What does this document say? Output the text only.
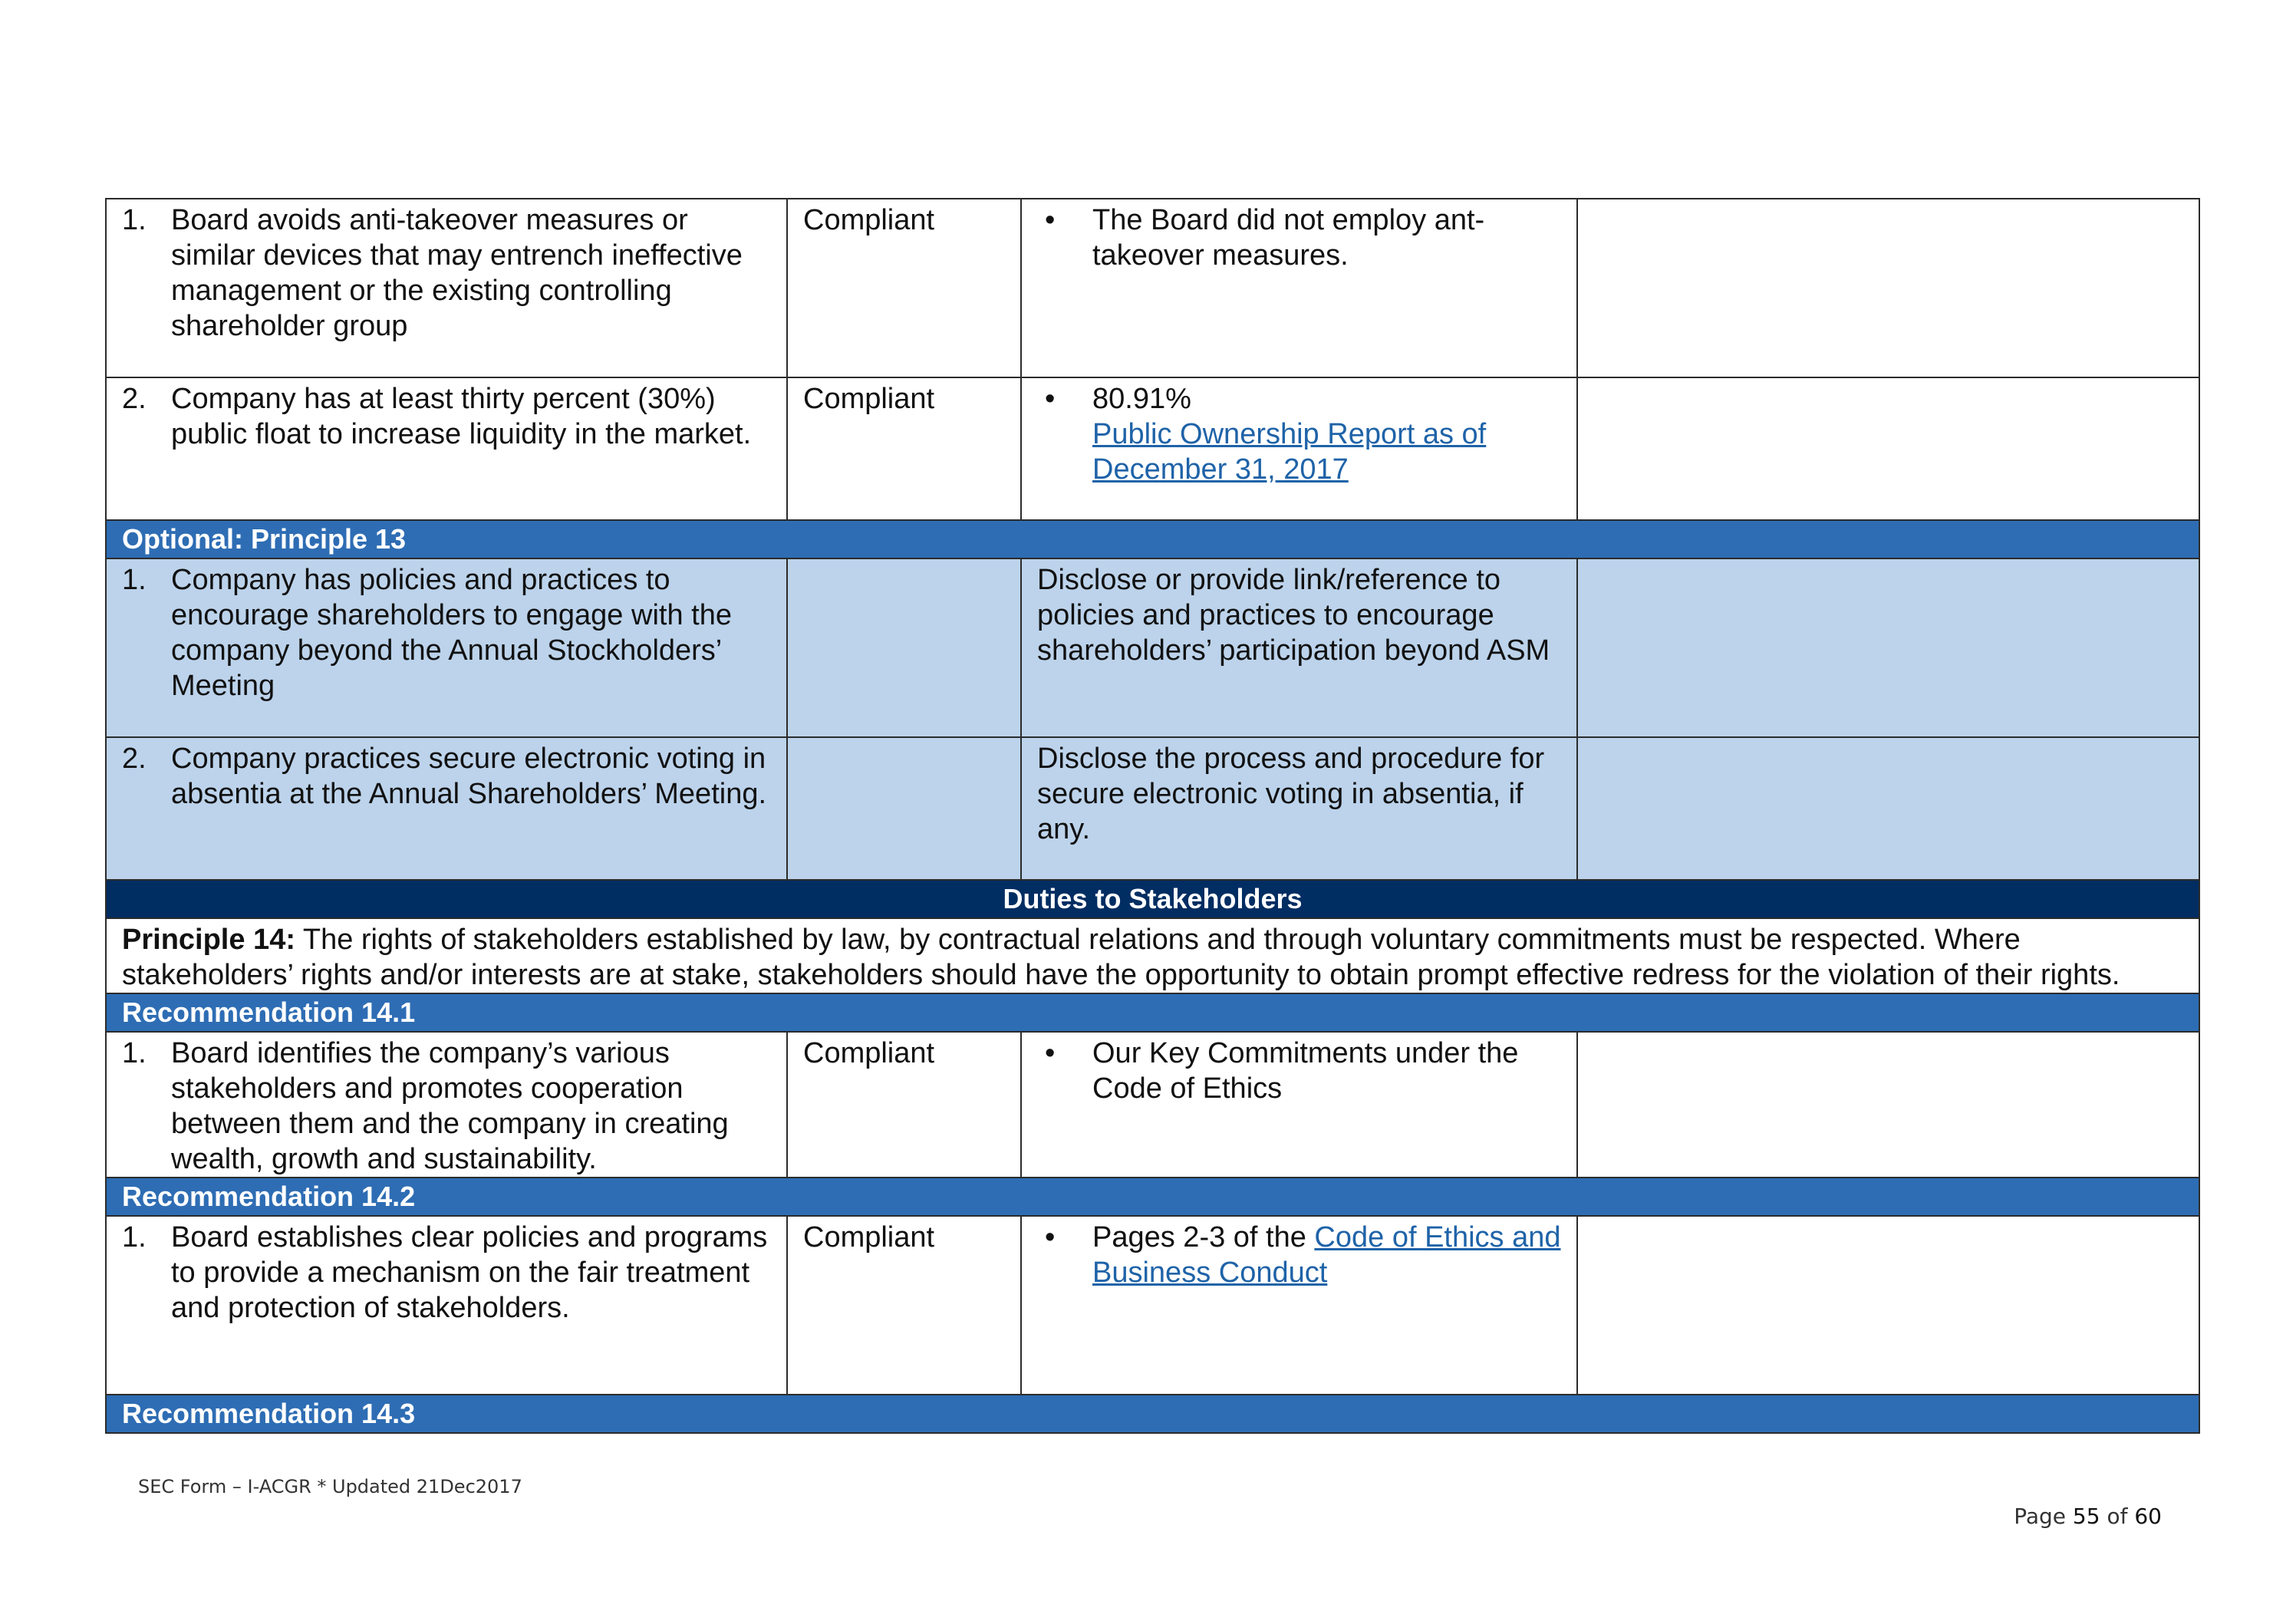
1. Board avoids anti-takeover measures or similar devices that may entrench ineffective management or the existing controlling shareholder group	Compliant	• The Board did not employ ant-takeover measures.	

2. Company has at least thirty percent (30%) public float to increase liquidity in the market.	Compliant	• 80.91%
Public Ownership Report as of December 31, 2017	

Optional: Principle 13			

1. Company has policies and practices to encourage shareholders to engage with the company beyond the Annual Stockholders’ Meeting		Disclose or provide link/reference to policies and practices to encourage shareholders’ participation beyond ASM	

2. Company practices secure electronic voting in absentia at the Annual Shareholders’ Meeting.		Disclose the process and procedure for secure electronic voting in absentia, if any.	
Duties to Stakeholders			
Principle 14: The rights of stakeholders established by law, by contractual relations and through voluntary commitments must be respected. Where stakeholders’ rights and/or interests are at stake, stakeholders should have the opportunity to obtain prompt effective redress for the violation of their rights.			
Recommendation 14.1			

1. Board identifies the company’s various stakeholders and promotes cooperation between them and the company in creating wealth, growth and sustainability.	Compliant	• Our Key Commitments under the Code of Ethics	

Recommendation 14.2			

1. Board establishes clear policies and programs to provide a mechanism on the fair treatment and protection of stakeholders.	Compliant	• Pages 2-3 of the Code of Ethics and Business Conduct	

Recommendation 14.3			
SEC Form – I-ACGR * Updated 21Dec2017
Page 55 of 60
